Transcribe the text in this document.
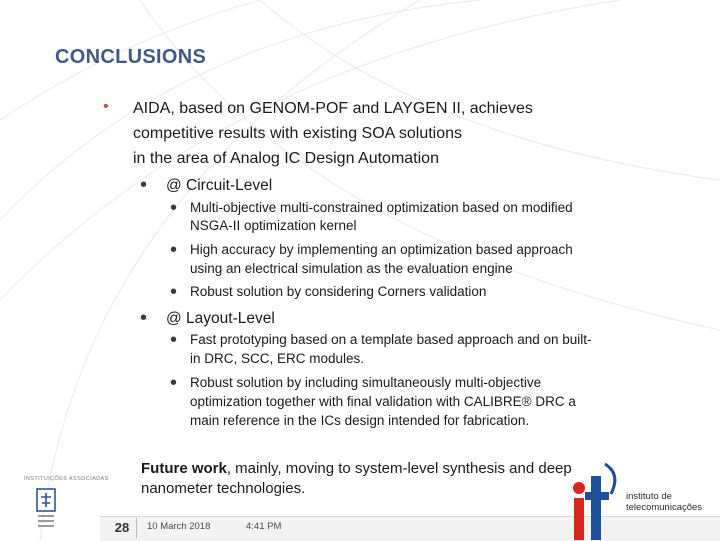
CONCLUSIONS
• AIDA, based on GENOM-POF and LAYGEN II, achieves
competitive results with existing SOA solutions
in the area of Analog IC Design Automation
• @ Circuit-Level
• Multi-objective multi-constrained optimization based on modified
NSGA-II optimization kernel
• High accuracy by implementing an optimization based approach
using an electrical simulation as the evaluation engine
• Robust solution by considering Corners validation
• @ Layout-Level
• Fast prototyping based on a template based approach and on built-
in DRC, SCC, ERC modules.
• Robust solution by including simultaneously multi-objective
optimization together with final validation with CALIBRE® DRC a
main reference in the ICs design intended for fabrication.
Future work, mainly, moving to system-level synthesis and deep
nanometer technologies.
INSTITUIÇÕES ASSOCIADAS
28	10 March 2018	4:41 PM
instituto de
telecomunicações
